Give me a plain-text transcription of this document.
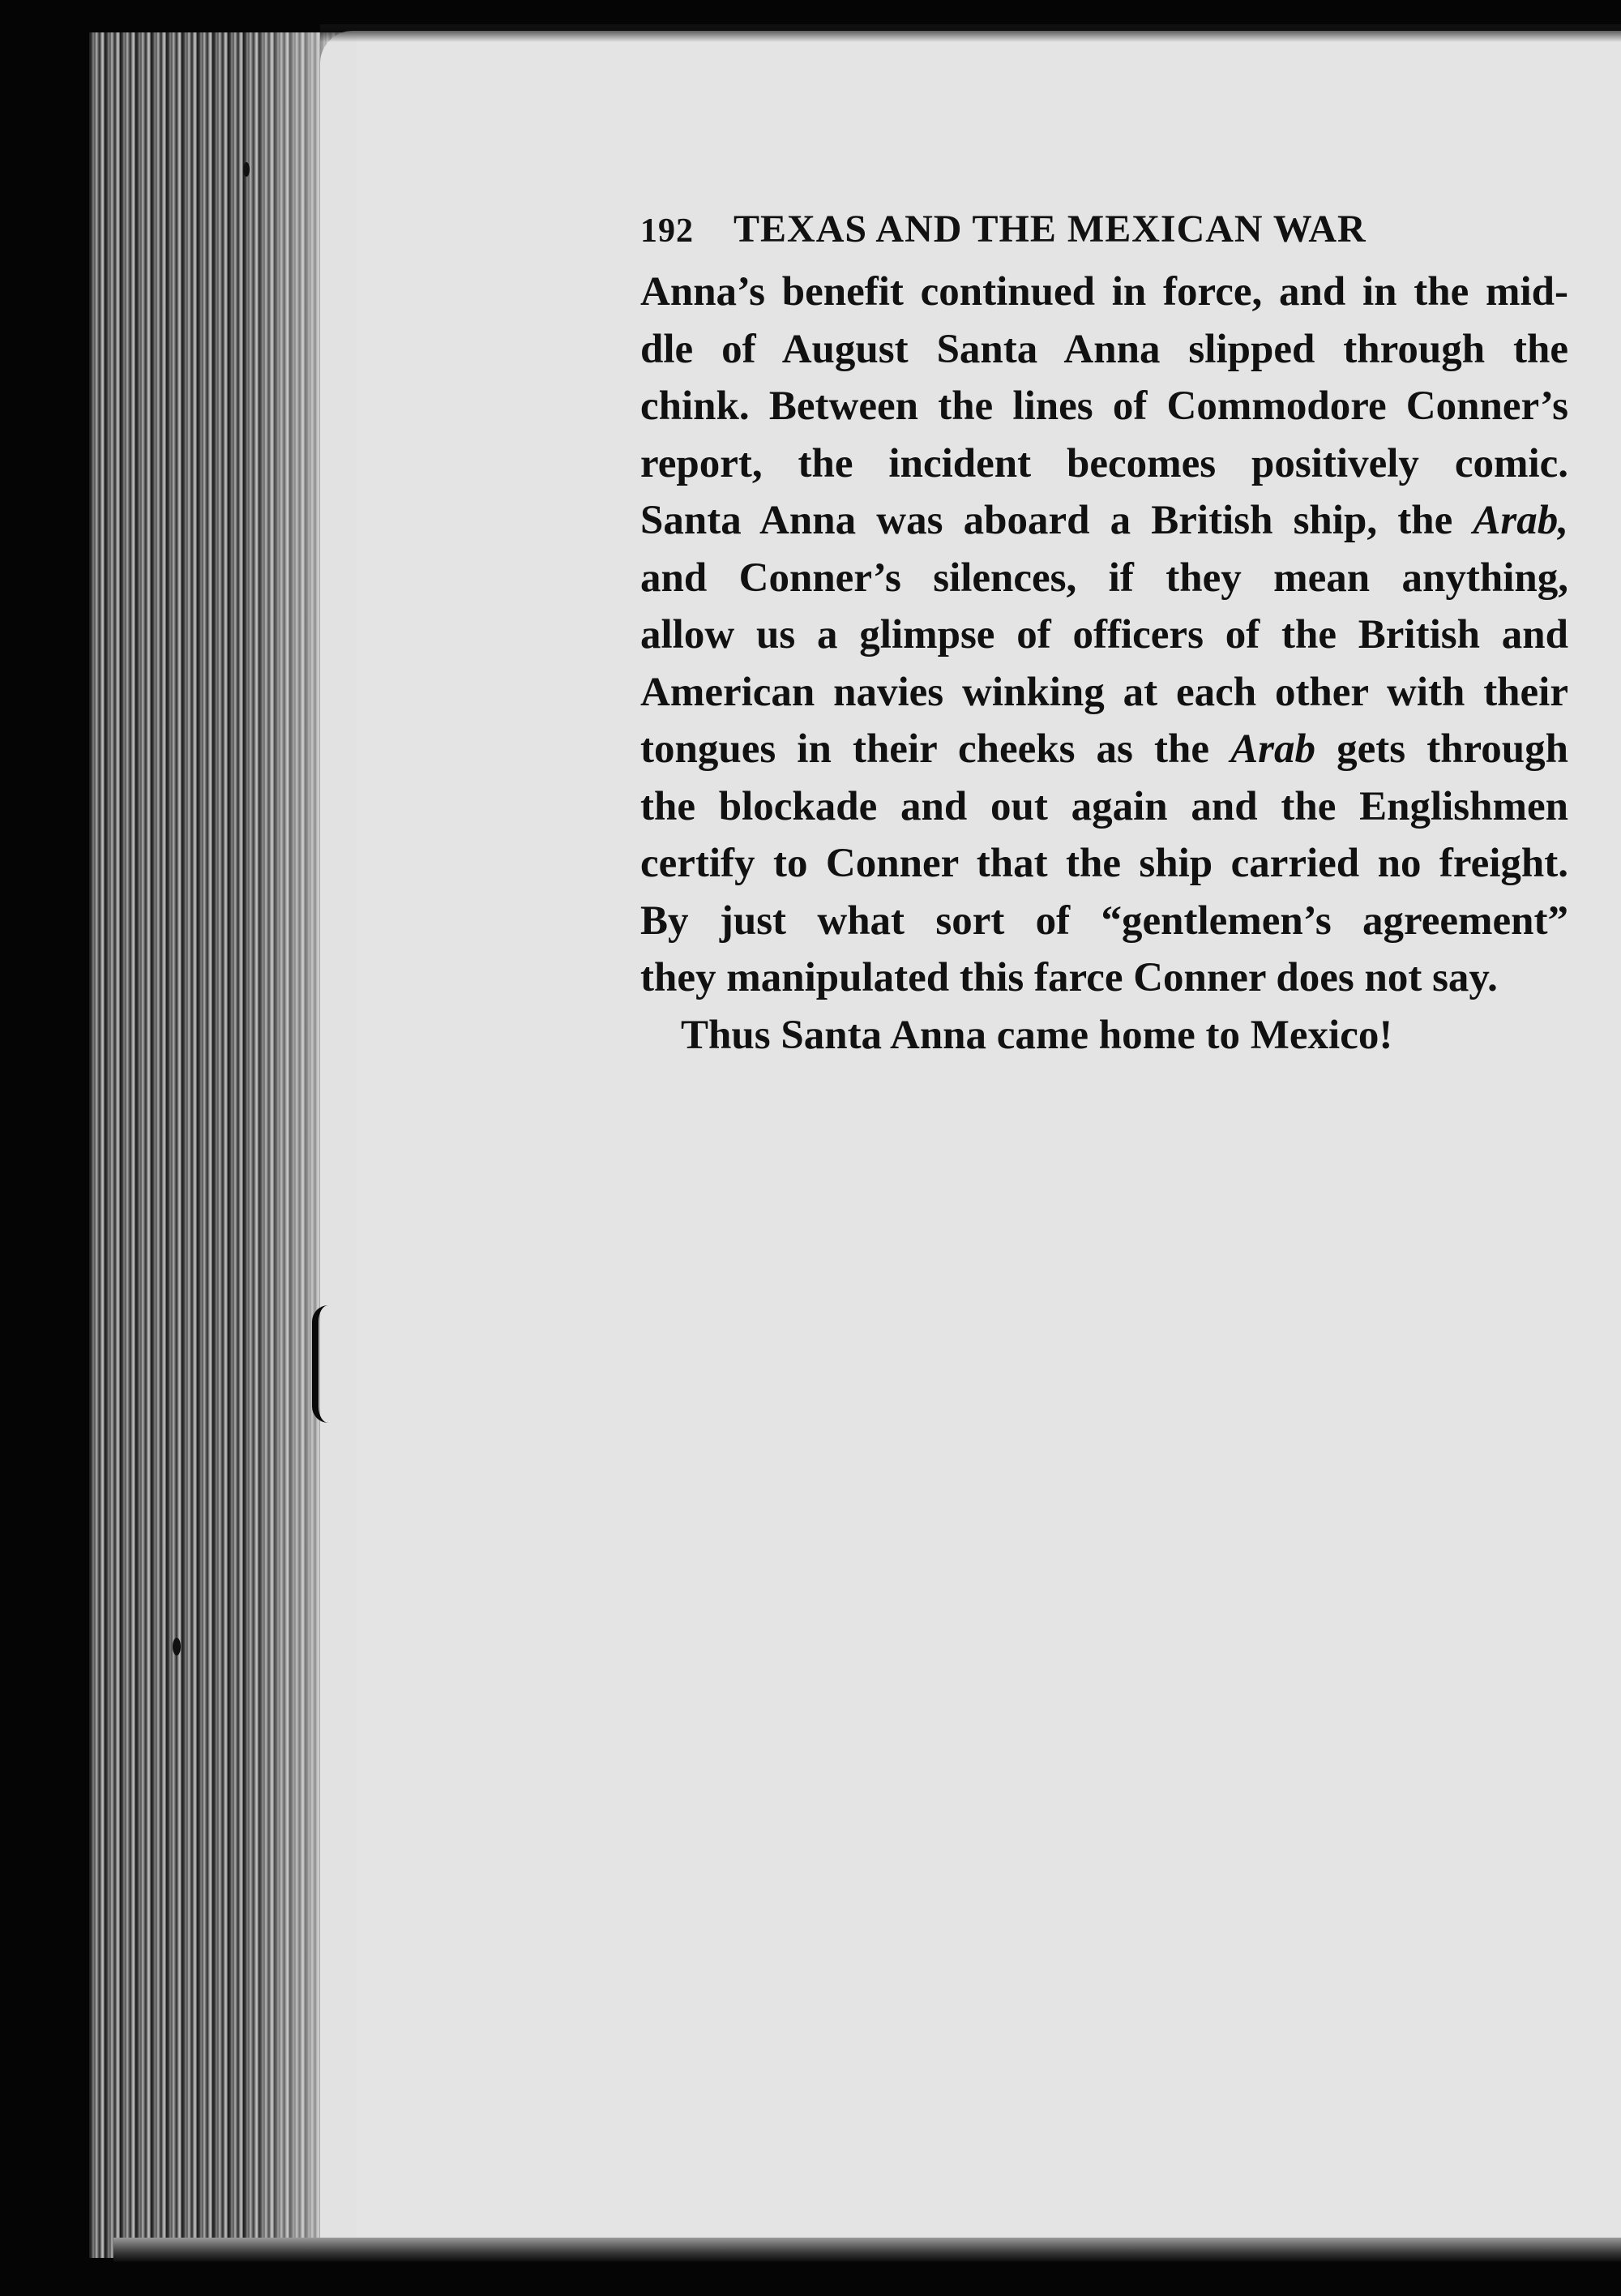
192	TEXAS AND THE MEXICAN WAR
Anna’s benefit continued in force, and in the mid-
dle of August Santa Anna slipped through the
chink. Between the lines of Commodore Conner’s
report, the incident becomes positively comic.
Santa Anna was aboard a British ship, the Arab,
and Conner’s silences, if they mean anything,
allow us a glimpse of officers of the British and
American navies winking at each other with their
tongues in their cheeks as the Arab gets through
the blockade and out again and the Englishmen
certify to Conner that the ship carried no freight.
By just what sort of “gentlemen’s agreement”
they manipulated this farce Conner does not say.
Thus Santa Anna came home to Mexico!
